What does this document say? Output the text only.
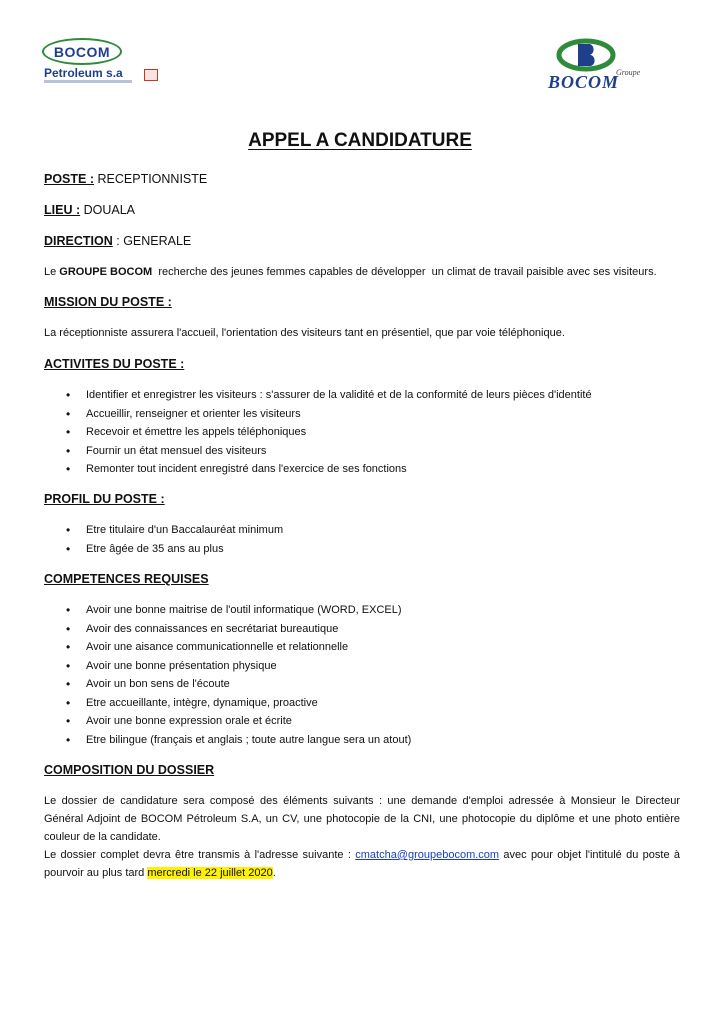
BOCOM
Petroleum s.a	Groupe
BOCOM
APPEL A CANDIDATURE
POSTE : RECEPTIONNISTE
LIEU : DOUALA
DIRECTION : GENERALE
Le GROUPE BOCOM  recherche des jeunes femmes capables de développer  un climat de travail paisible avec ses visiteurs.
MISSION DU POSTE :
La réceptionniste assurera l'accueil, l'orientation des visiteurs tant en présentiel, que par voie téléphonique.
ACTIVITES DU POSTE :
• Identifier et enregistrer les visiteurs : s'assurer de la validité et de la conformité de leurs pièces d'identité
• Accueillir, renseigner et orienter les visiteurs
• Recevoir et émettre les appels téléphoniques
• Fournir un état mensuel des visiteurs
• Remonter tout incident enregistré dans l'exercice de ses fonctions
PROFIL DU POSTE :
• Etre titulaire d'un Baccalauréat minimum
• Etre âgée de 35 ans au plus
COMPETENCES REQUISES
• Avoir une bonne maitrise de l'outil informatique (WORD, EXCEL)
• Avoir des connaissances en secrétariat bureautique
• Avoir une aisance communicationnelle et relationnelle
• Avoir une bonne présentation physique
• Avoir un bon sens de l'écoute
• Etre accueillante, intègre, dynamique, proactive
• Avoir une bonne expression orale et écrite
• Etre bilingue (français et anglais ; toute autre langue sera un atout)
COMPOSITION DU DOSSIER
Le dossier de candidature sera composé des éléments suivants : une demande d'emploi adressée à Monsieur le Directeur Général Adjoint de BOCOM Pétroleum S.A, un CV, une photocopie de la CNI, une photocopie du diplôme et une photo entière couleur de la candidate.
Le dossier complet devra être transmis à l'adresse suivante : cmatcha@groupebocom.com avec pour objet l'intitulé du poste à pourvoir au plus tard mercredi le 22 juillet 2020.
